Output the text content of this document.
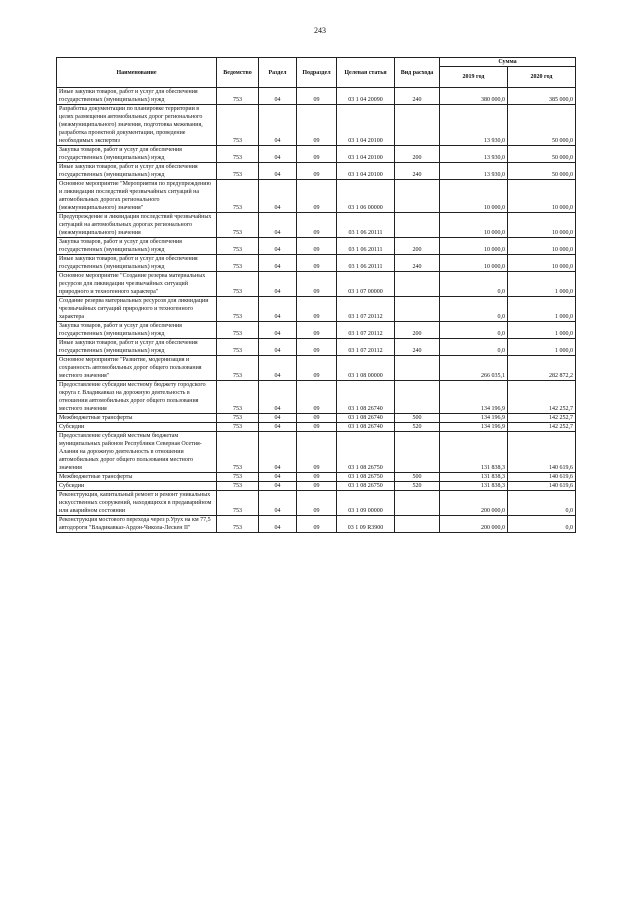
243
Наименование	Ведомство	Раздел	Подраздел	Целевая статья	Вид расхода	Сумма	
						2019 год	2020 год
Иные закупки товаров, работ и услуг для обеспечения государственных (муниципальных) нужд	753	04	09	03 1 04 20090	240	380 000,0	385 000,0
Разработка документации по планировке территории в целях размещения автомобильных дорог регионального (межмуниципального) значения, подготовка межевания, разработка проектной документации, проведение необходимых экспертиз	753	04	09	03 1 04 20100		13 930,0	50 000,0
Закупка товаров, работ и услуг для обеспечения государственных (муниципальных) нужд	753	04	09	03 1 04 20100	200	13 930,0	50 000,0
Иные закупки товаров, работ и услуг для обеспечения государственных (муниципальных) нужд	753	04	09	03 1 04 20100	240	13 930,0	50 000,0
Основное мероприятие "Мероприятия по предупреждению и ликвидации последствий чрезвычайных ситуаций на автомобильных дорогах регионального (межмуниципального) значения"	753	04	09	03 1 06 00000		10 000,0	10 000,0
Предупреждение и ликвидация последствий чрезвычайных ситуаций на автомобильных дорогах регионального (межмуниципального) значения	753	04	09	03 1 06 20111		10 000,0	10 000,0
Закупка товаров, работ и услуг для обеспечения государственных (муниципальных) нужд	753	04	09	03 1 06 20111	200	10 000,0	10 000,0
Иные закупки товаров, работ и услуг для обеспечения государственных (муниципальных) нужд	753	04	09	03 1 06 20111	240	10 000,0	10 000,0
Основное мероприятие "Создание резерва материальных ресурсов для ликвидации чрезвычайных ситуаций природного и техногенного характера"	753	04	09	03 1 07 00000		0,0	1 000,0
Создание резерва материальных ресурсов для ликвидации чрезвычайных ситуаций природного и техногенного характера	753	04	09	03 1 07 20112		0,0	1 000,0
Закупка товаров, работ и услуг для обеспечения государственных (муниципальных) нужд	753	04	09	03 1 07 20112	200	0,0	1 000,0
Иные закупки товаров, работ и услуг для обеспечения государственных (муниципальных) нужд	753	04	09	03 1 07 20112	240	0,0	1 000,0
Основное мероприятие "Развитие, модернизация и сохранность автомобильных дорог общего пользования местного значения"	753	04	09	03 1 08 00000		266 035,1	282 872,2
Предоставление субсидии местному бюджету городского округа г. Владикавказ на дорожную деятельность в отношении автомобильных дорог общего пользования местного значения	753	04	09	03 1 08 26740		134 196,9	142 252,7
Межбюджетные трансферты	753	04	09	03 1 08 26740	500	134 196,9	142 252,7
Субсидии	753	04	09	03 1 08 26740	520	134 196,9	142 252,7
Предоставление субсидий местным бюджетам муниципальных районов Республики Северная Осетия-Алания на дорожную деятельность в отношении автомобильных дорог общего пользования местного значения	753	04	09	03 1 08 26750		131 838,3	140 619,6
Межбюджетные трансферты	753	04	09	03 1 08 26750	500	131 838,3	140 619,6
Субсидии	753	04	09	03 1 08 26750	520	131 838,3	140 619,6
Реконструкция, капитальный ремонт и ремонт уникальных искусственных сооружений, находящихся в предаварийном или аварийном состоянии	753	04	09	03 1 09 00000		200 000,0	0,0
Реконструкция мостового перехода через р.Урух на км 77,5 автодороги "Владикавказ-Ардон-Чикола-Лескен II"	753	04	09	03 1 09 R3900		200 000,0	0,0
